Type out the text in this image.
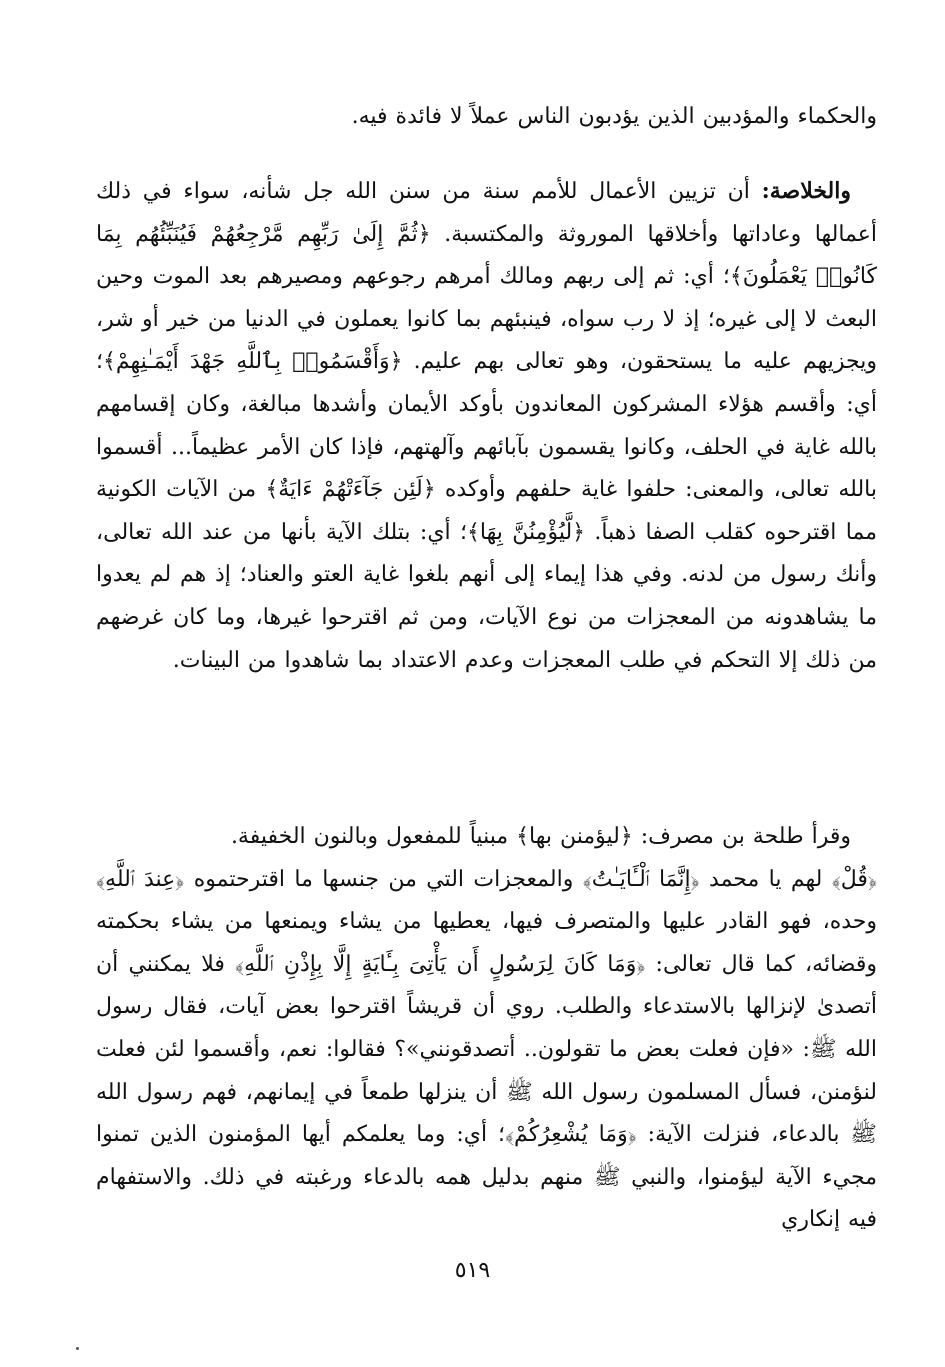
والحكماء والمؤدبين الذين يؤدبون الناس عملاً لا فائدة فيه.

والخلاصة: أن تزيين الأعمال للأمم سنة من سنن الله جل شأنه، سواء في ذلك أعمالها وعاداتها وأخلاقها الموروثة والمكتسبة. ﴿ثُمَّ إِلَىٰ رَبِّهِم مَّرْجِعُهُمْ فَيُنَبِّئُهُم بِمَا كَانُوا۟ يَعْمَلُونَ﴾؛ أي: ثم إلى ربهم ومالك أمرهم رجوعهم ومصيرهم بعد الموت وحين البعث لا إلى غيره؛ إذ لا رب سواه، فينبئهم بما كانوا يعملون في الدنيا من خير أو شر، ويجزيهم عليه ما يستحقون، وهو تعالى بهم عليم. ﴿وَأَقْسَمُوا۟ بِٱللَّهِ جَهْدَ أَيْمَـٰنِهِمْ﴾؛ أي: وأقسم هؤلاء المشركون المعاندون بأوكد الأيمان وأشدها مبالغة، وكان إقسامهم بالله غاية في الحلف، وكانوا يقسمون بآبائهم وآلهتهم، فإذا كان الأمر عظيماً... أقسموا بالله تعالى، والمعنى: حلفوا غاية حلفهم وأوكده ﴿لَئِن جَآءَتْهُمْ ءَايَةٌ﴾ من الآيات الكونية مما اقترحوه كقلب الصفا ذهباً. ﴿لَّيُؤْمِنُنَّ بِهَا﴾؛ أي: بتلك الآية بأنها من عند الله تعالى، وأنك رسول من لدنه. وفي هذا إيماء إلى أنهم بلغوا غاية العتو والعناد؛ إذ هم لم يعدوا ما يشاهدونه من المعجزات من نوع الآيات، ومن ثم اقترحوا غيرها، وما كان غرضهم من ذلك إلا التحكم في طلب المعجزات وعدم الاعتداد بما شاهدوا من البينات.

وقرأ طلحة بن مصرف: ﴿ليؤمنن بها﴾ مبنياً للمفعول وبالنون الخفيفة.

﴿قُلْ﴾ لهم يا محمد ﴿إِنَّمَا ٱلْـَٔايَـٰتُ﴾ والمعجزات التي من جنسها ما اقترحتموه ﴿عِندَ ٱللَّهِ﴾ وحده، فهو القادر عليها والمتصرف فيها، يعطيها من يشاء ويمنعها من يشاء بحكمته وقضائه، كما قال تعالى: ﴿وَمَا كَانَ لِرَسُولٍ أَن يَأْتِىَ بِـَٔايَةٍ إِلَّا بِإِذْنِ ٱللَّهِ﴾ فلا يمكنني أن أتصدىٰ لإنزالها بالاستدعاء والطلب. روي أن قريشاً اقترحوا بعض آيات، فقال رسول الله ﷺ: «فإن فعلت بعض ما تقولون.. أتصدقونني»؟ فقالوا: نعم، وأقسموا لئن فعلت لنؤمنن، فسأل المسلمون رسول الله ﷺ أن ينزلها طمعاً في إيمانهم، فهم رسول الله ﷺ بالدعاء، فنزلت الآية: ﴿وَمَا يُشْعِرُكُمْ﴾؛ أي: وما يعلمكم أيها المؤمنون الذين تمنوا مجيء الآية ليؤمنوا، والنبي ﷺ منهم بدليل همه بالدعاء ورغبته في ذلك. والاستفهام فيه إنكاري

٥١٩
